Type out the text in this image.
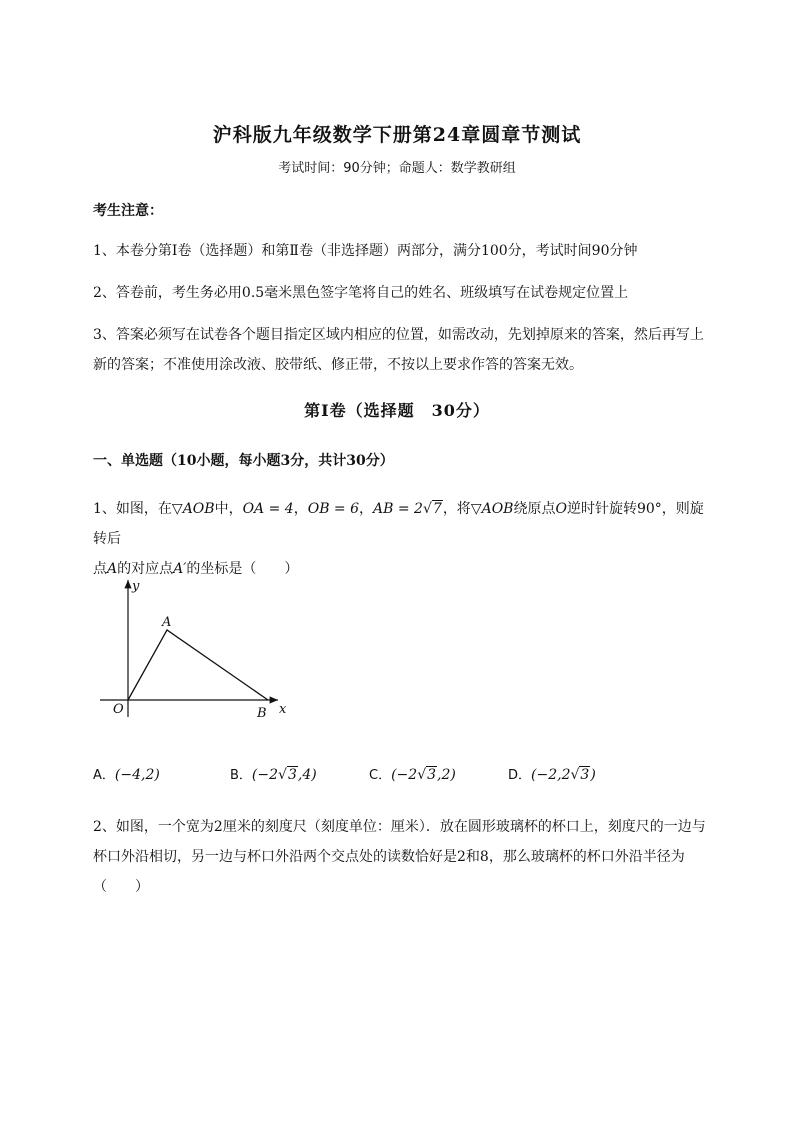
沪科版九年级数学下册第24章圆章节测试
考试时间：90分钟；命题人：数学教研组
考生注意：
1、本卷分第I卷（选择题）和第Ⅱ卷（非选择题）两部分，满分100分，考试时间90分钟
2、答卷前，考生务必用0.5毫米黑色签字笔将自己的姓名、班级填写在试卷规定位置上
3、答案必须写在试卷各个题目指定区域内相应的位置，如需改动，先划掉原来的答案，然后再写上新的答案；不准使用涂改液、胶带纸、修正带，不按以上要求作答的答案无效。
第I卷（选择题　30分）
一、单选题（10小题，每小题3分，共计30分）
1、如图，在▽AOB中，OA = 4，OB = 6，AB = 2√7，将▽AOB绕原点O逆时针旋转90°，则旋转后
点A的对应点A′的坐标是（　　）
y
x
O
A
B
A．(−4,2)	B．(−2√3,4)	C．(−2√3,2)	D．(−2,2√3)
2、如图，一个宽为2厘米的刻度尺（刻度单位：厘米）．放在圆形玻璃杯的杯口上，刻度尺的一边与杯口外沿相切，另一边与杯口外沿两个交点处的读数恰好是2和8，那么玻璃杯的杯口外沿半径为（　　）
